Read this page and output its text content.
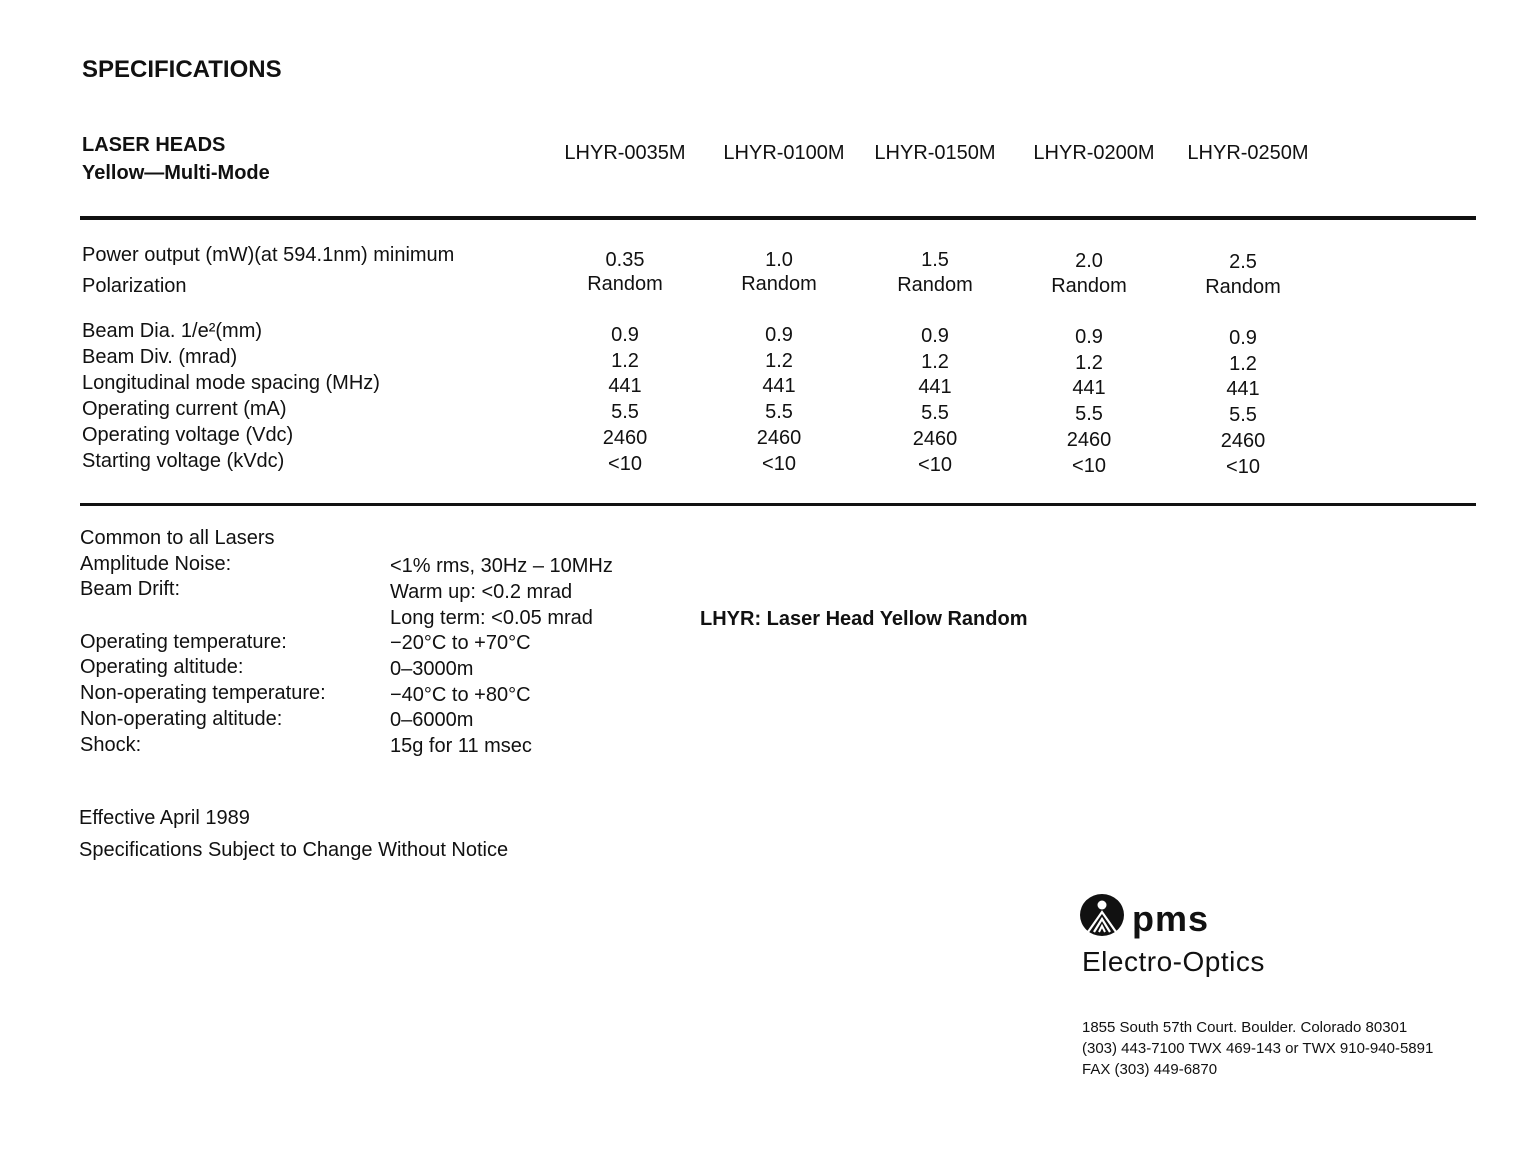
SPECIFICATIONS
LASER HEADS
Yellow—Multi-Mode
LHYR-0035M	LHYR-0100M	LHYR-0150M	LHYR-0200M	LHYR-0250M
Power output (mW)(at 594.1nm) minimum	0.35	1.0	1.5	2.0	2.5
Polarization	Random	Random	Random	Random	Random
Beam Dia. 1/e²(mm)	0.9	0.9	0.9	0.9	0.9
Beam Div. (mrad)	1.2	1.2	1.2	1.2	1.2
Longitudinal mode spacing (MHz)	441	441	441	441	441
Operating current (mA)	5.5	5.5	5.5	5.5	5.5
Operating voltage (Vdc)	2460	2460	2460	2460	2460
Starting voltage (kVdc)	<10	<10	<10	<10	<10
Common to all Lasers
Amplitude Noise:	<1% rms, 30Hz – 10MHz
Beam Drift:	Warm up: <0.2 mrad
Long term: <0.05 mrad
Operating temperature:	−20°C to +70°C
Operating altitude:	0–3000m
Non-operating temperature:	−40°C to +80°C
Non-operating altitude:	0–6000m
Shock:	15g for 11 msec
LHYR: Laser Head Yellow Random
Effective April 1989
Specifications Subject to Change Without Notice
pms
Electro-Optics
1855 South 57th Court. Boulder. Colorado 80301
(303) 443-7100 TWX 469-143 or TWX 910-940-5891
FAX (303) 449-6870
